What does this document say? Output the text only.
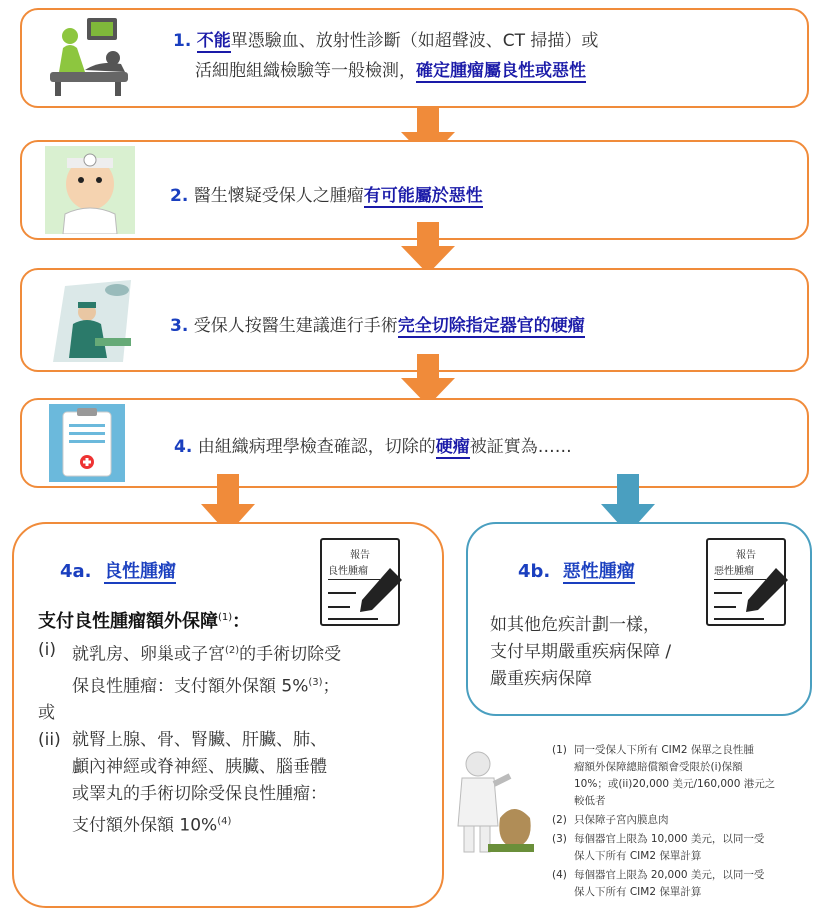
1. 不能單憑驗血、放射性診斷（如超聲波、CT 掃描）或
活細胞組織檢驗等一般檢測，確定腫瘤屬良性或惡性
2. 醫生懷疑受保人之腫瘤有可能屬於惡性
3. 受保人按醫生建議進行手術完全切除指定器官的硬瘤
4. 由組織病理學檢查確認，切除的硬瘤被証實為……
4a. 良性腫瘤
報告
良性腫瘤
支付良性腫瘤額外保障$^{(1)}$：
(i) 就乳房、卵巢或子宮$^{(2)}$的手術切除受
保良性腫瘤：支付額外保額 5%$^{(3)}$；
或
(ii) 就腎上腺、骨、腎臟、肝臟、肺、
顱內神經或脊神經、胰臟、腦垂體
或睪丸的手術切除受保良性腫瘤：
支付額外保額 10%$^{(4)}$
4b. 惡性腫瘤
報告
惡性腫瘤
如其他危疾計劃一樣，
支付早期嚴重疾病保障 /
嚴重疾病保障
(1) 同一受保人下所有 CIM2 保單之良性腫
瘤額外保障總賠償額會受限於(i)保額
10%；或(ii)20,000 美元/160,000 港元之
較低者
(2) 只保障子宮內膜息肉
(3) 每個器官上限為 10,000 美元，以同一受
保人下所有 CIM2 保單計算
(4) 每個器官上限為 20,000 美元，以同一受
保人下所有 CIM2 保單計算
